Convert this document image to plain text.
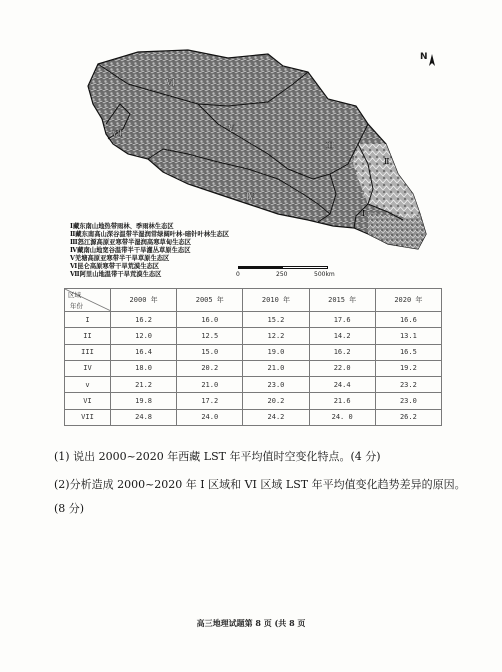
Ⅵ
Ⅴ
Ⅶ
Ⅲ
Ⅱ
Ⅳ
Ⅰ
N
Ⅰ藏东南山地热带雨林、季雨林生态区
Ⅱ藏东南高山深谷温带半湿润常绿阔叶林-暗针叶林生态区
Ⅲ怒江源高原亚寒带半湿润高寒草甸生态区
Ⅳ藏南山地宽谷温带半干旱灌丛草原生态区
Ⅴ羌塘高原亚寒带半干旱草原生态区
Ⅵ昆仑高原寒带干旱荒漠生态区
Ⅶ阿里山地温带干旱荒漠生态区	0	250	500km
区域
年份	2000 年	2005 年	2010 年	2015 年	2020 年
I	16.2	16.0	15.2	17.6	16.6
II	12.0	12.5	12.2	14.2	13.1
III	16.4	15.0	19.0	16.2	16.5
IV	18.0	20.2	21.0	22.0	19.2
v	21.2	21.0	23.0	24.4	23.2
VI	19.8	17.2	20.2	21.6	23.0
VII	24.8	24.0	24.2	24. 0	26.2
(1) 说出 2000~2020 年西藏 LST 年平均值时空变化特点。(4 分)
(2)分析造成 2000~2020 年 I 区域和 VI 区域 LST 年平均值变化趋势差异的原因。
(8 分)
高三地理试题第 8 页 (共 8 页
